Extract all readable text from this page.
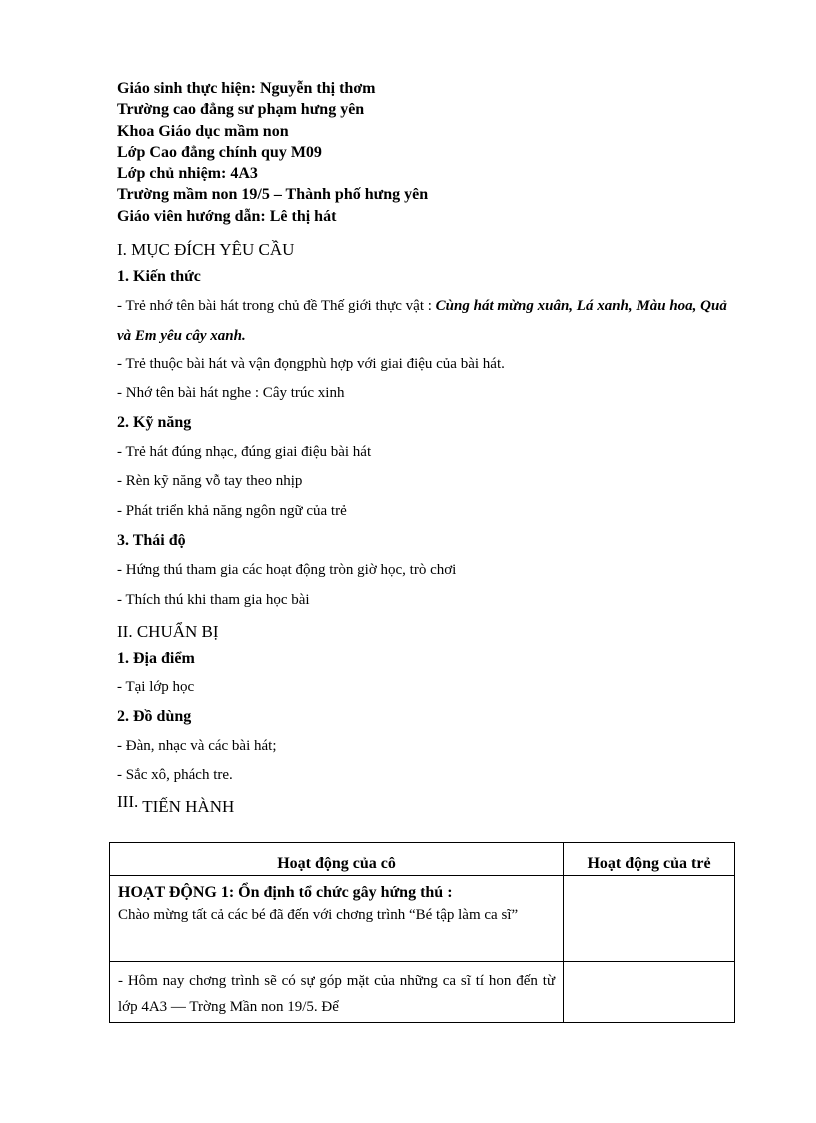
Giáo sinh thực hiện: Nguyễn thị thơm
Trường cao đẳng sư phạm hưng yên
Khoa Giáo dục mầm non
Lớp Cao đẳng chính quy M09
Lớp chủ nhiệm: 4A3
Trường mầm non 19/5 – Thành phố hưng yên
Giáo viên hướng dẫn: Lê thị hát
I. MỤC ĐÍCH YÊU CẦU
1. Kiến thức
- Trẻ nhớ tên bài hát trong chủ đề Thế giới thực vật : Cùng hát mừng xuân, Lá xanh, Màu hoa, Quả và Em yêu cây xanh.
- Trẻ thuộc bài hát và vận đọngphù hợp với giai điệu của bài hát.
- Nhớ tên bài hát nghe : Cây trúc xinh
2. Kỹ năng
- Trẻ hát đúng nhạc, đúng giai điệu bài hát
- Rèn kỹ năng vỗ tay theo nhịp
- Phát triển khả năng ngôn ngữ của trẻ
3. Thái độ
- Hứng thú tham gia các hoạt động tròn giờ học, trò chơi
- Thích thú khi tham gia học bài
II. CHUẨN BỊ
1. Địa điểm
- Tại lớp học
2. Đồ dùng
- Đàn, nhạc và các bài hát;
- Sắc xô, phách tre.
III. TIẾN HÀNH
Hoạt động của cô	Hoạt động của trẻ

HOẠT ĐỘNG 1: Ổn định tổ chức gây hứng thú :
Chào mừng tất cả các bé đã đến với chơng trình “Bé tập làm ca sĩ”	

- Hôm nay chơng trình sẽ có sự góp mặt của những ca sĩ tí hon đến từ lớp 4A3 — Trờng Mần non 19/5. Để	
